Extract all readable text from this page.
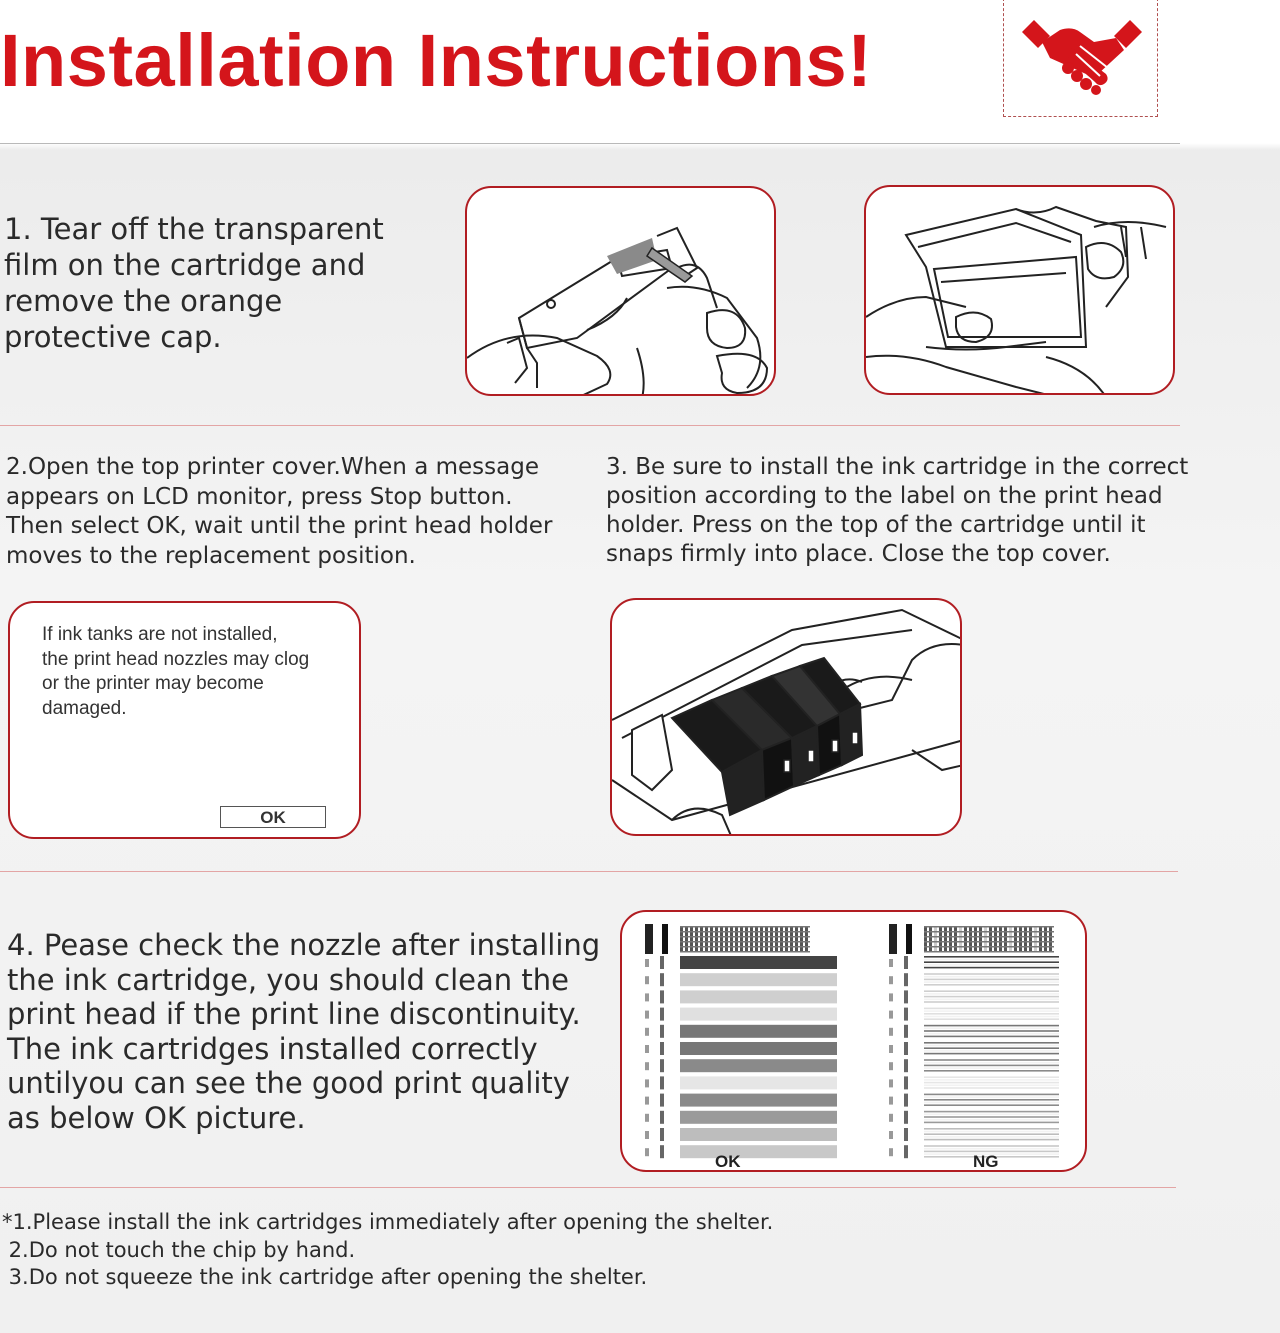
Installation Instructions!
1. Tear off the transparent
film on the cartridge and
remove the orange
protective cap.
2.Open the top printer cover.When a message
appears on LCD monitor, press Stop button.
Then select OK, wait until the print head holder
moves to the replacement position.
3. Be sure to install the ink cartridge in the correct
position according to the label on the print head
holder. Press on the top of the cartridge until it
snaps firmly into place. Close the top cover.
If ink tanks are not installed,
the print head nozzles may clog
or the printer may become
damaged.
OK
4. Pease check the nozzle after installing
the ink cartridge, you should clean the
print head if the print line discontinuity.
The ink cartridges installed correctly
untilyou can see the good print quality
as below OK picture.
OK	NG
*1.Please install the ink cartridges immediately after opening the shelter.
2.Do not touch the chip by hand.
3.Do not squeeze the ink cartridge after opening the shelter.
